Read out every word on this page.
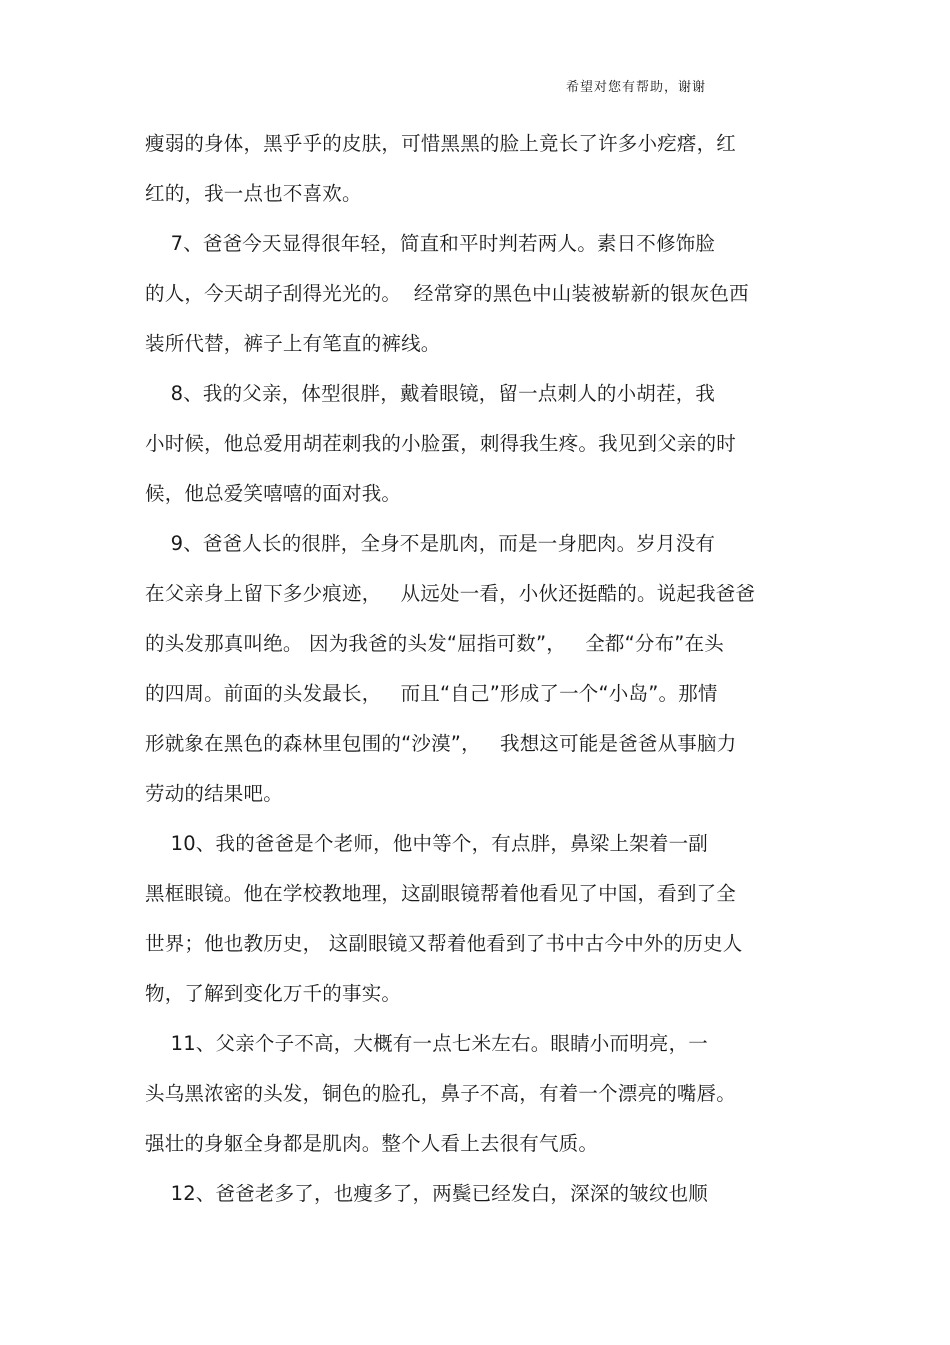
希望对您有帮助，谢谢
瘦弱的身体，黑乎乎的皮肤，可惜黑黑的脸上竟长了许多小疙瘩，红
红的，我一点也不喜欢。
7、爸爸今天显得很年轻，简直和平时判若两人。素日不修饰脸
的人，今天胡子刮得光光的。  经常穿的黑色中山装被崭新的银灰色西
装所代替，裤子上有笔直的裤线。
8、我的父亲，体型很胖，戴着眼镜，留一点刺人的小胡茬，我
小时候，他总爱用胡茬刺我的小脸蛋，刺得我生疼。我见到父亲的时
候，他总爱笑嘻嘻的面对我。
9、爸爸人长的很胖，全身不是肌肉，而是一身肥肉。岁月没有
在父亲身上留下多少痕迹，   从远处一看，小伙还挺酷的。说起我爸爸
的头发那真叫绝。 因为我爸的头发“屈指可数”，   全都“分布”在头
的四周。前面的头发最长，   而且“自己”形成了一个“小岛”。那情
形就象在黑色的森林里包围的“沙漠”，   我想这可能是爸爸从事脑力
劳动的结果吧。
10、我的爸爸是个老师，他中等个，有点胖，鼻梁上架着一副
黑框眼镜。他在学校教地理，这副眼镜帮着他看见了中国，看到了全
世界；他也教历史， 这副眼镜又帮着他看到了书中古今中外的历史人
物，了解到变化万千的事实。
11、父亲个子不高，大概有一点七米左右。眼睛小而明亮，一
头乌黑浓密的头发，铜色的脸孔，鼻子不高，有着一个漂亮的嘴唇。
强壮的身躯全身都是肌肉。整个人看上去很有气质。
12、爸爸老多了，也瘦多了，两鬓已经发白，深深的皱纹也顺
